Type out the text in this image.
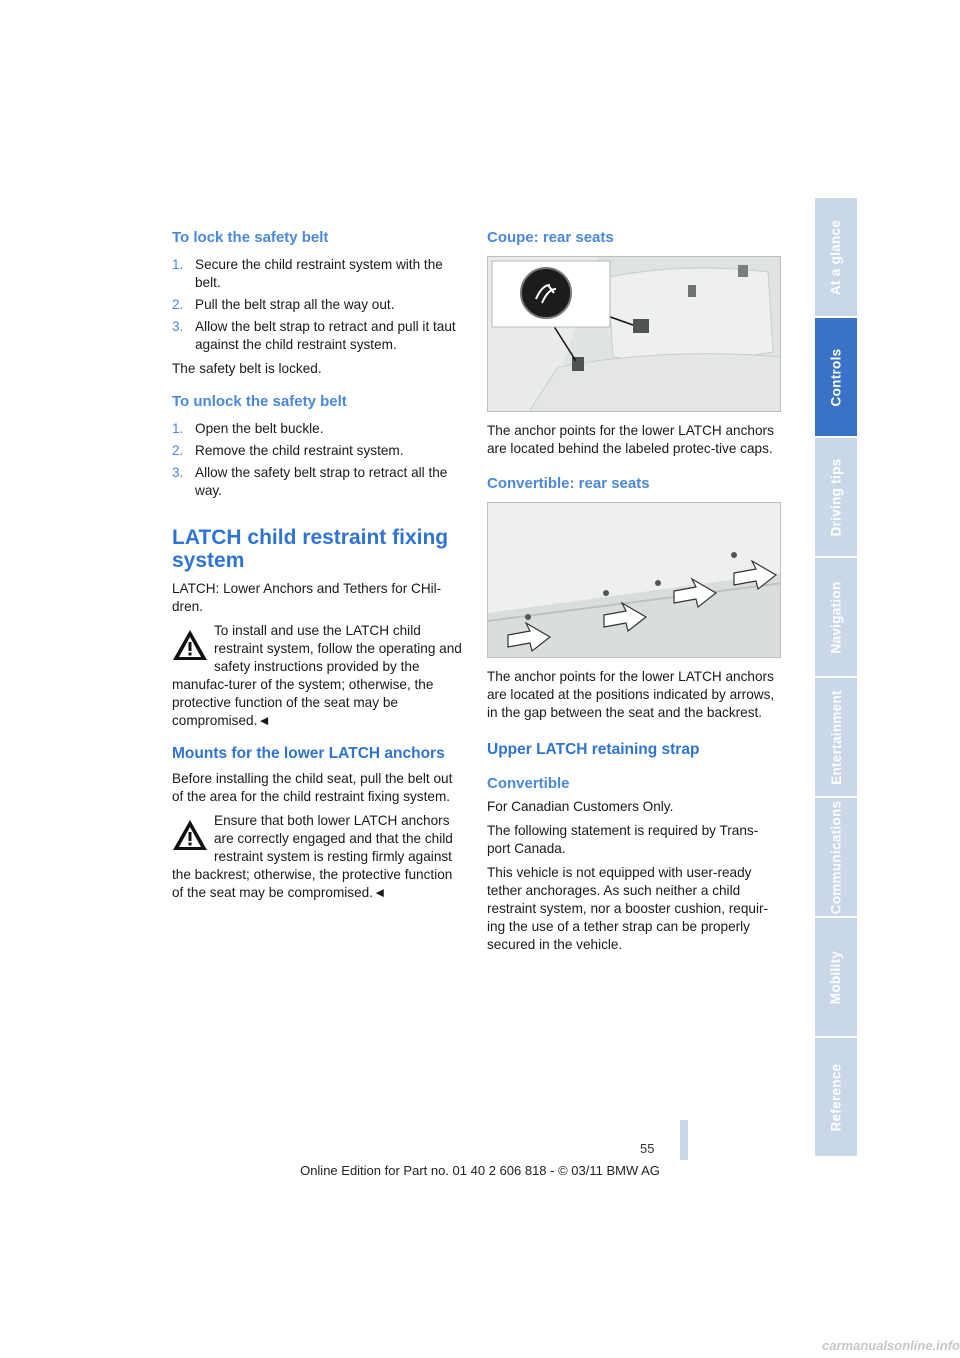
To lock the safety belt
1. Secure the child restraint system with the belt.
2. Pull the belt strap all the way out.
3. Allow the belt strap to retract and pull it taut against the child restraint system.

The safety belt is locked.

To unlock the safety belt
1. Open the belt buckle.
2. Remove the child restraint system.
3. Allow the safety belt strap to retract all the way.
LATCH child restraint fixing system

LATCH: Lower Anchors and Tethers for CHil-dren.

To install and use the LATCH child restraint system, follow the operating and safety instructions provided by the manufac-turer of the system; otherwise, the protective function of the seat may be compromised.◄
Mounts for the lower LATCH anchors

Before installing the child seat, pull the belt out of the area for the child restraint fixing system.

Ensure that both lower LATCH anchors are correctly engaged and that the child restraint system is resting firmly against the backrest; otherwise, the protective function of the seat may be compromised.◄
Coupe: rear seats

The anchor points for the lower LATCH anchors are located behind the labeled protec-tive caps.

Convertible: rear seats

The anchor points for the lower LATCH anchors are located at the positions indicated by arrows, in the gap between the seat and the backrest.

Upper LATCH retaining strap
Convertible

For Canadian Customers Only.

The following statement is required by Trans-port Canada.

This vehicle is not equipped with user-ready tether anchorages. As such neither a child restraint system, nor a booster cushion, requir-ing the use of a tether strap can be properly secured in the vehicle.

At a glance
Controls
Driving tips
Navigation
Entertainment
Communications
Mobility
Reference
55
Online Edition for Part no. 01 40 2 606 818 - © 03/11 BMW AG
carmanualsonline.info
